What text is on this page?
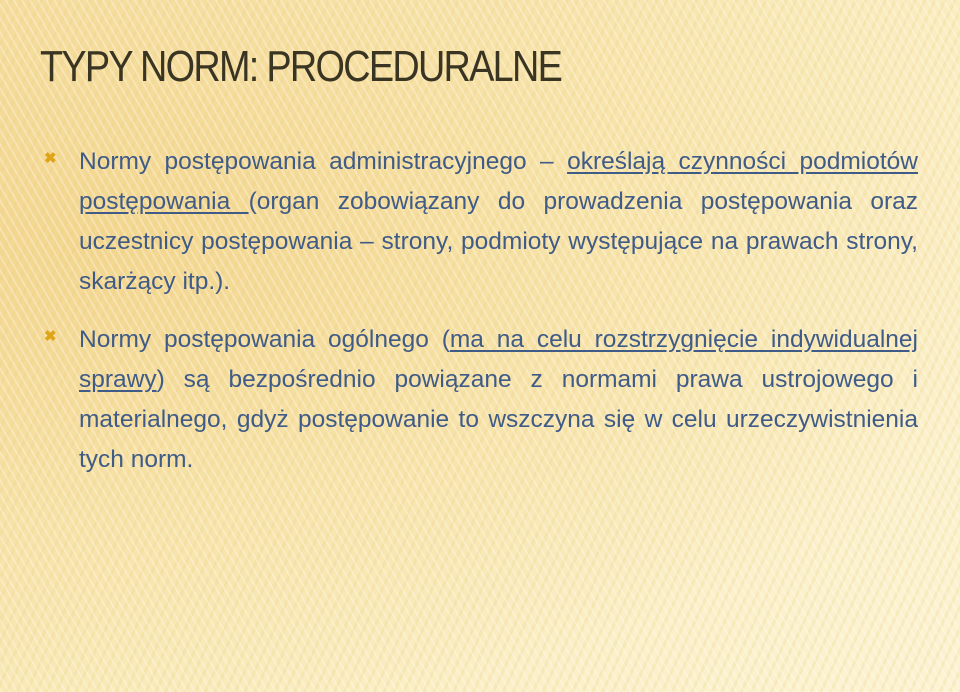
TYPY NORM: PROCEDURALNE
✖ Normy postępowania administracyjnego – określają czynności podmiotów postępowania (organ zobowiązany do prowadzenia postępowania oraz uczestnicy postępowania – strony, podmioty występujące na prawach strony, skarżący itp.).
✖ Normy postępowania ogólnego (ma na celu rozstrzygnięcie indywidualnej sprawy) są bezpośrednio powiązane z normami prawa ustrojowego i materialnego, gdyż postępowanie to wszczyna się w celu urzeczywistnienia tych norm.
